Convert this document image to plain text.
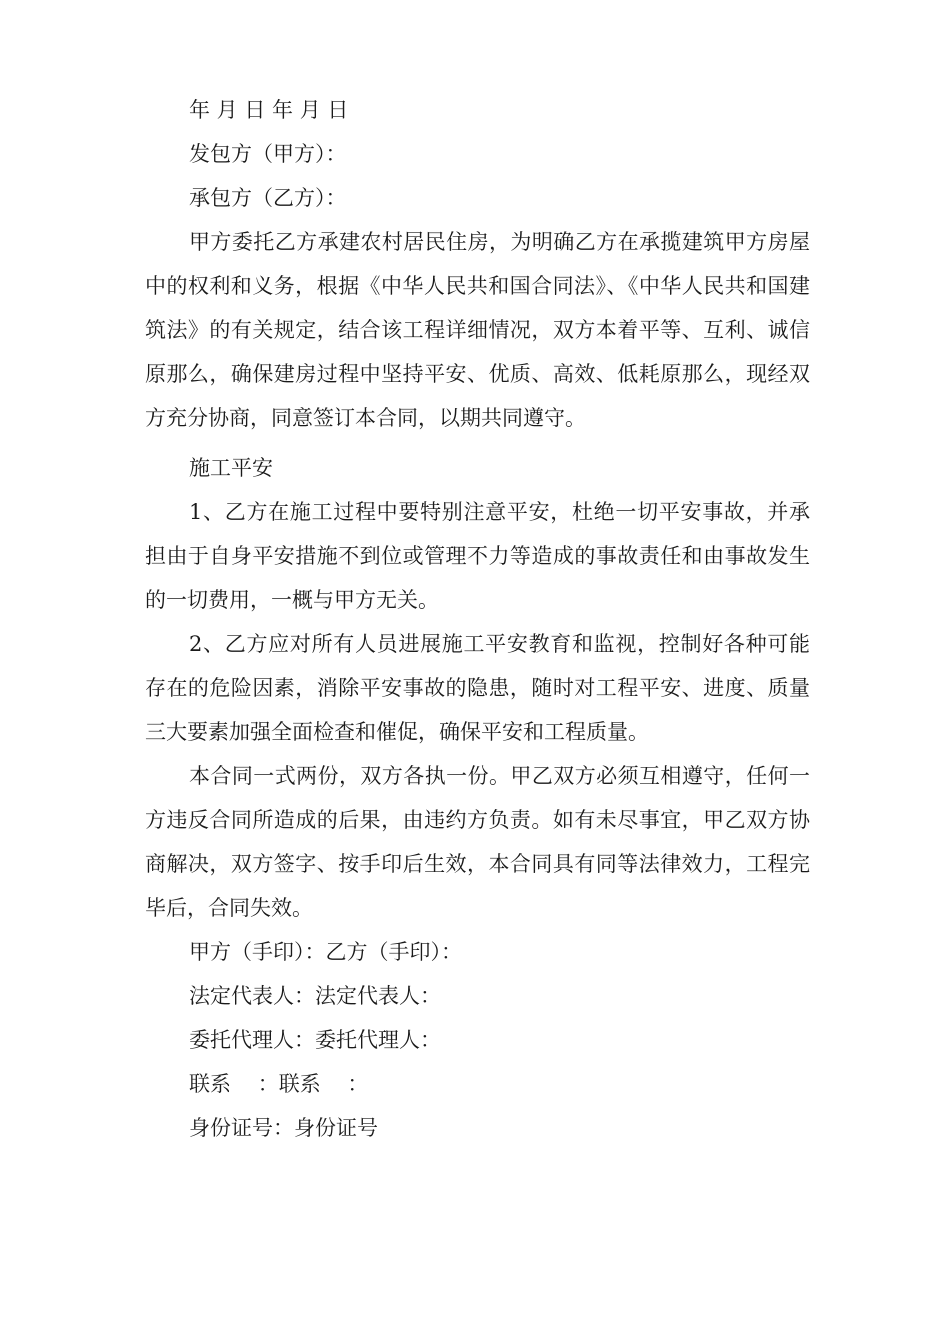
年 月 日 年 月 日
发包方（甲方）：
承包方（乙方）：

甲方委托乙方承建农村居民住房，为明确乙方在承揽建筑甲方房屋中的权利和义务，根据《中华人民共和国合同法》、《中华人民共和国建筑法》的有关规定，结合该工程详细情况，双方本着平等、互利、诚信原那么，确保建房过程中坚持平安、优质、高效、低耗原那么，现经双方充分协商，同意签订本合同，以期共同遵守。

施工平安

1、乙方在施工过程中要特别注意平安，杜绝一切平安事故，并承担由于自身平安措施不到位或管理不力等造成的事故责任和由事故发生的一切费用，一概与甲方无关。

2、乙方应对所有人员进展施工平安教育和监视，控制好各种可能存在的危险因素，消除平安事故的隐患，随时对工程平安、进度、质量三大要素加强全面检查和催促，确保平安和工程质量。

本合同一式两份，双方各执一份。甲乙双方必须互相遵守，任何一方违反合同所造成的后果，由违约方负责。如有未尽事宜，甲乙双方协商解决，双方签字、按手印后生效，本合同具有同等法律效力，工程完毕后，合同失效。

甲方（手印）：乙方（手印）：
法定代表人：法定代表人：
委托代理人：委托代理人：
联系    ：联系    ：
身份证号：身份证号
